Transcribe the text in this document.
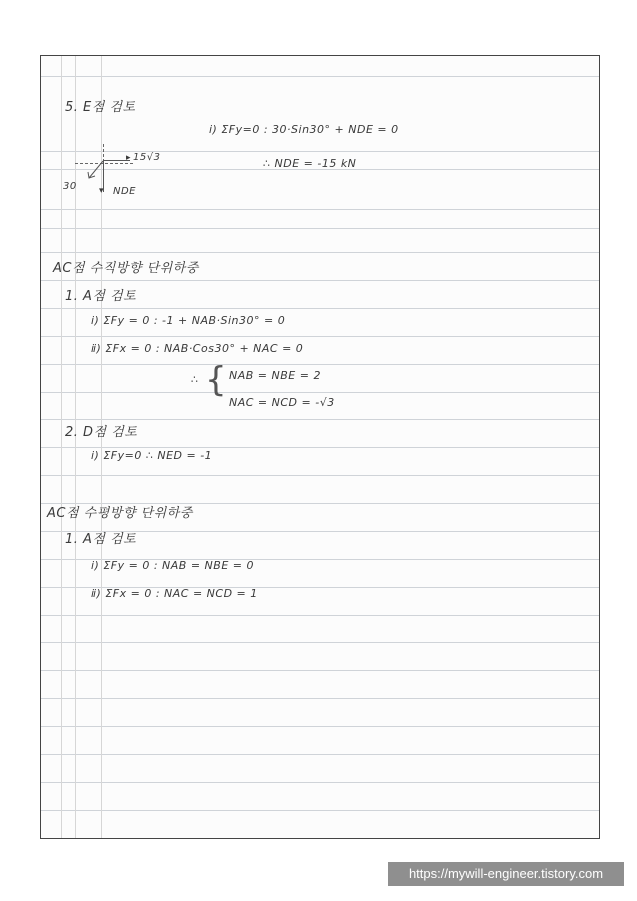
5. E점 검토
ⅰ) ΣFy=0 : 30·Sin30° + NDE = 0
∴ NDE = -15 kN
▸ 15√3
30 ▾ NDE
AC점 수직방향 단위하중
1. A점 검토
ⅰ) ΣFy = 0 : -1 + NAB·Sin30° = 0
ⅱ) ΣFx = 0 : NAB·Cos30° + NAC = 0
∴ { NAB = NBE = 2
NAC = NCD = -√3
2. D점 검토
ⅰ) ΣFy=0 ∴ NED = -1
AC점 수평방향 단위하중
1. A점 검토
ⅰ) ΣFy = 0 : NAB = NBE = 0
ⅱ) ΣFx = 0 : NAC = NCD = 1
https://mywill-engineer.tistory.com
